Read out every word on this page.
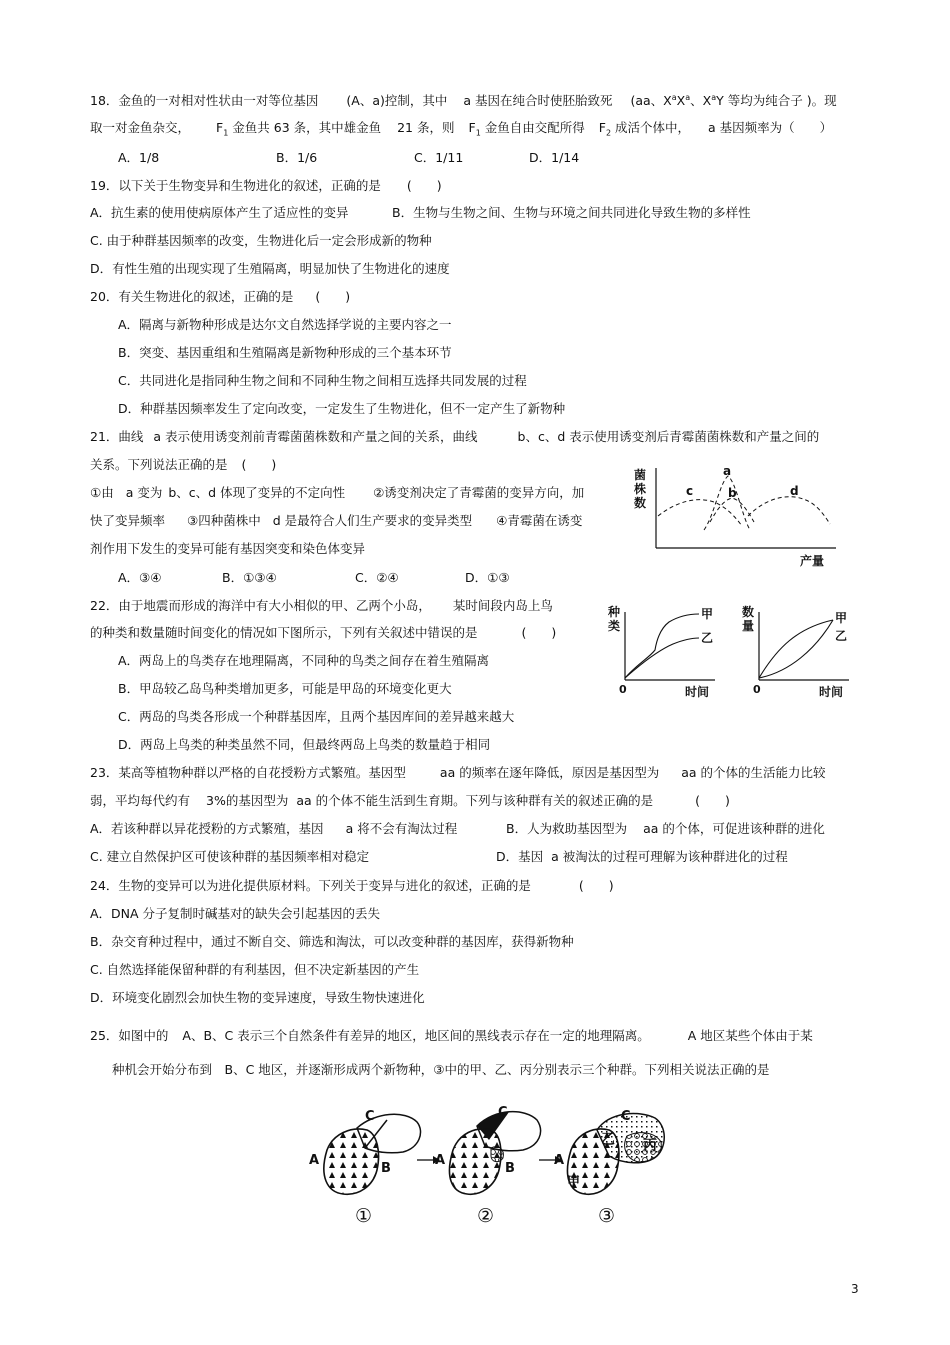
18．金鱼的一对相对性状由一对等位基因 (A、a)控制，其中 a 基因在纯合时使胚胎致死 (aa、$X^aX^a$、$X^aY$ 等均为纯合子 )。现
取一对金鱼杂交， $F_1$ 金鱼共 63 条，其中雄金鱼 21 条，则 $F_1$ 金鱼自由交配所得 $F_2$ 成活个体中， a 基因频率为（　　）
A．1/8	B．1/6	C．1/11	D．1/14
19．以下关于生物变异和生物进化的叙述，正确的是 (　　)
A．抗生素的使用使病原体产生了适应性的变异	B．生物与生物之间、生物与环境之间共同进化导致生物的多样性
C. 由于种群基因频率的改变，生物进化后一定会形成新的物种
D．有性生殖的出现实现了生殖隔离，明显加快了生物进化的速度
20．有关生物进化的叙述，正确的是 (　　)
A．隔离与新物种形成是达尔文自然选择学说的主要内容之一
B．突变、基因重组和生殖隔离是新物种形成的三个基本环节
C．共同进化是指同种生物之间和不同种生物之间相互选择共同发展的过程
D．种群基因频率发生了定向改变，一定发生了生物进化，但不一定产生了新物种
21．曲线 a 表示使用诱变剂前青霉菌菌株数和产量之间的关系，曲线	b、c、d 表示使用诱变剂后青霉菌菌株数和产量之间的
关系。下列说法正确的是 (　　)
①由 a 变为 b、c、d 体现了变异的不定向性 ②诱变剂决定了青霉菌的变异方向，加
快了变异频率 ③四种菌株中 d 是最符合人们生产要求的变异类型 ④青霉菌在诱变
剂作用下发生的变异可能有基因突变和染色体变异
A．③④	B．①③④	C．②④	D．①③
菌
株
数
产量
a
b
c	d
22．由于地震而形成的海洋中有大小相似的甲、乙两个小岛， 某时间段内岛上鸟
的种类和数量随时间变化的情况如下图所示，下列有关叙述中错误的是	(　　)
A．两岛上的鸟类存在地理隔离，不同种的鸟类之间存在着生殖隔离
B．甲岛较乙岛鸟种类增加更多，可能是甲岛的环境变化更大
C．两岛的鸟类各形成一个种群基因库，且两个基因库间的差异越来越大
D．两岛上鸟类的种类虽然不同，但最终两岛上鸟类的数量趋于相同
种
类
0	时间
甲
乙
数
量
0	时间
甲
乙
23．某高等植物种群以严格的自花授粉方式繁殖。基因型	aa 的频率在逐年降低，原因是基因型为 aa 的个体的生活能力比较
弱，平均每代约有 3%的基因型为 aa 的个体不能生活到生育期。下列与该种群有关的叙述正确的是	(　　)
A．若该种群以异花授粉的方式繁殖，基因 a 将不会有淘汰过程	B．人为救助基因型为 aa 的个体，可促进该种群的进化
C. 建立自然保护区可使该种群的基因频率相对稳定	D．基因 a 被淘汰的过程可理解为该种群进化的过程
24．生物的变异可以为进化提供原材料。下列关于变异与进化的叙述，正确的是	(　　)
A．DNA 分子复制时碱基对的缺失会引起基因的丢失
B．杂交育种过程中，通过不断自交、筛选和淘汰，可以改变种群的基因库，获得新物种
C. 自然选择能保留种群的有利基因，但不决定新基因的产生
D．环境变化剧烈会加快生物的变异速度，导致生物快速进化
25．如图中的 A、B、C 表示三个自然条件有差异的地区，地区间的黑线表示存在一定的地理隔离。	A 地区某些个体由于某
种机会开始分布到　B、C 地区，并逐渐形成两个新物种，③中的甲、乙、丙分别表示三个种群。下列相关说法正确的是
C
A
B
①
C
A
B
②
C
A
甲
乙 丙
③
3
